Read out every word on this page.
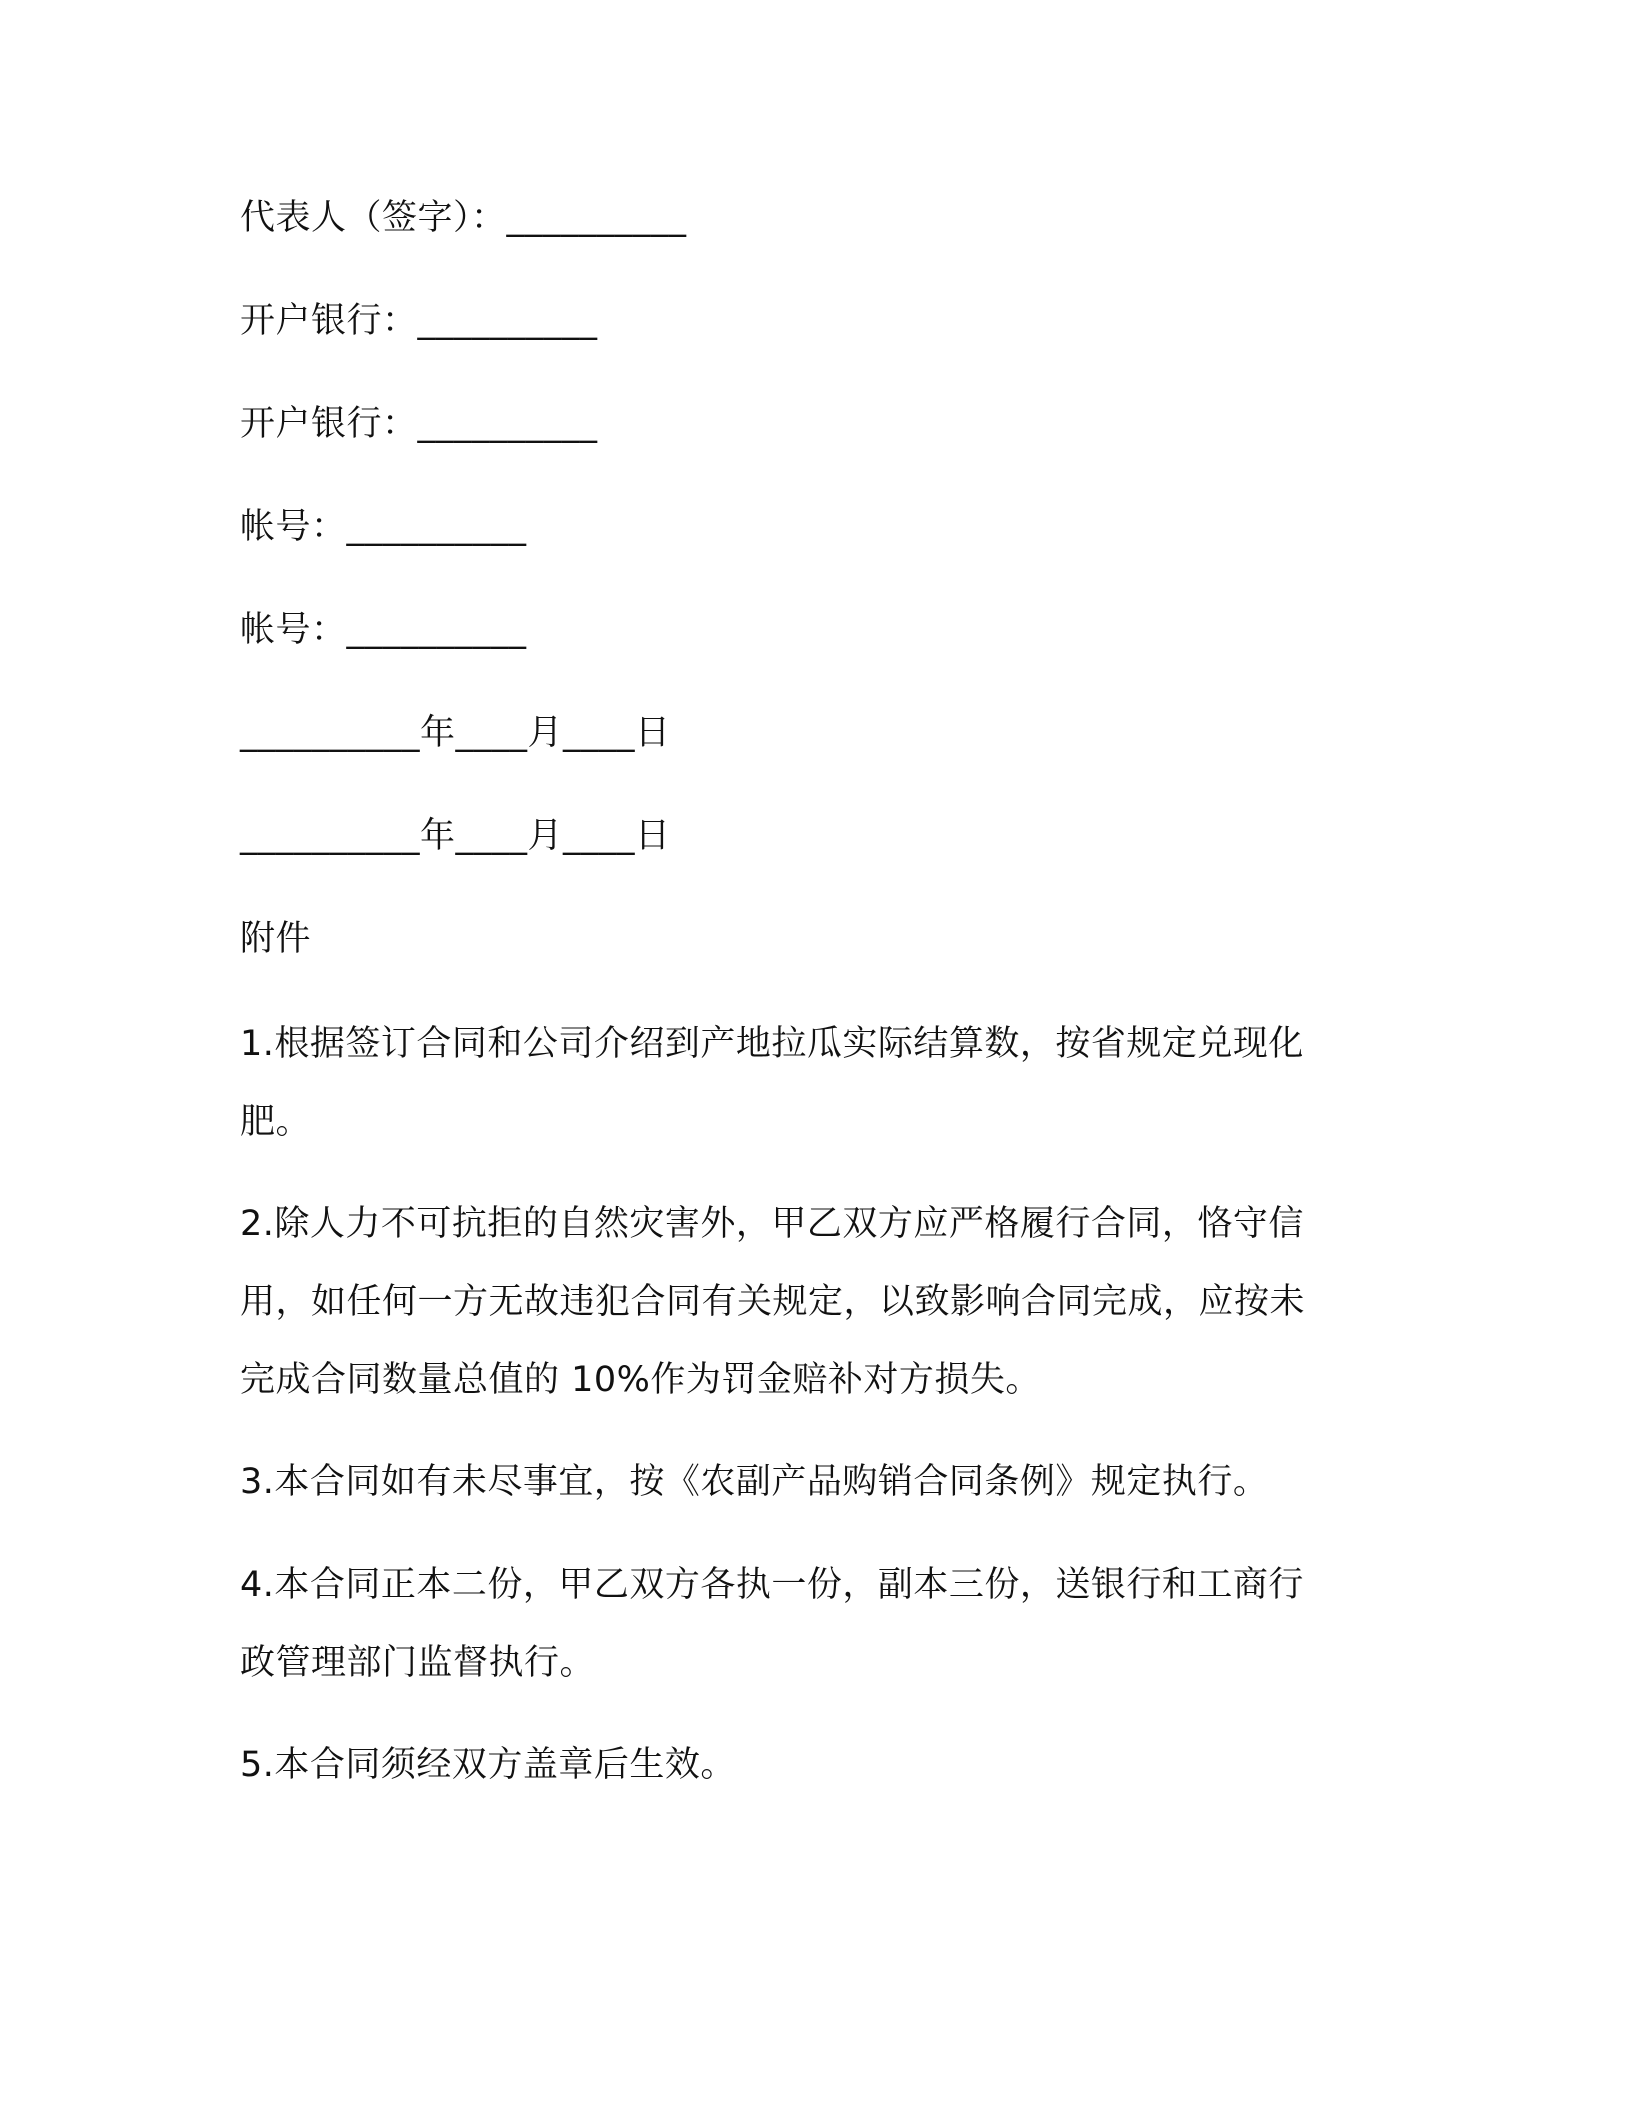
代表人（签字）：__________
开户银行：__________
开户银行：__________
帐号：__________
帐号：__________
__________年____月____日
__________年____月____日
附件
1.根据签订合同和公司介绍到产地拉瓜实际结算数，按省规定兑现化
肥。
2.除人力不可抗拒的自然灾害外，甲乙双方应严格履行合同，恪守信
用，如任何一方无故违犯合同有关规定，以致影响合同完成，应按未
完成合同数量总值的 10%作为罚金赔补对方损失。
3.本合同如有未尽事宜，按《农副产品购销合同条例》规定执行。
4.本合同正本二份，甲乙双方各执一份，副本三份，送银行和工商行
政管理部门监督执行。
5.本合同须经双方盖章后生效。
